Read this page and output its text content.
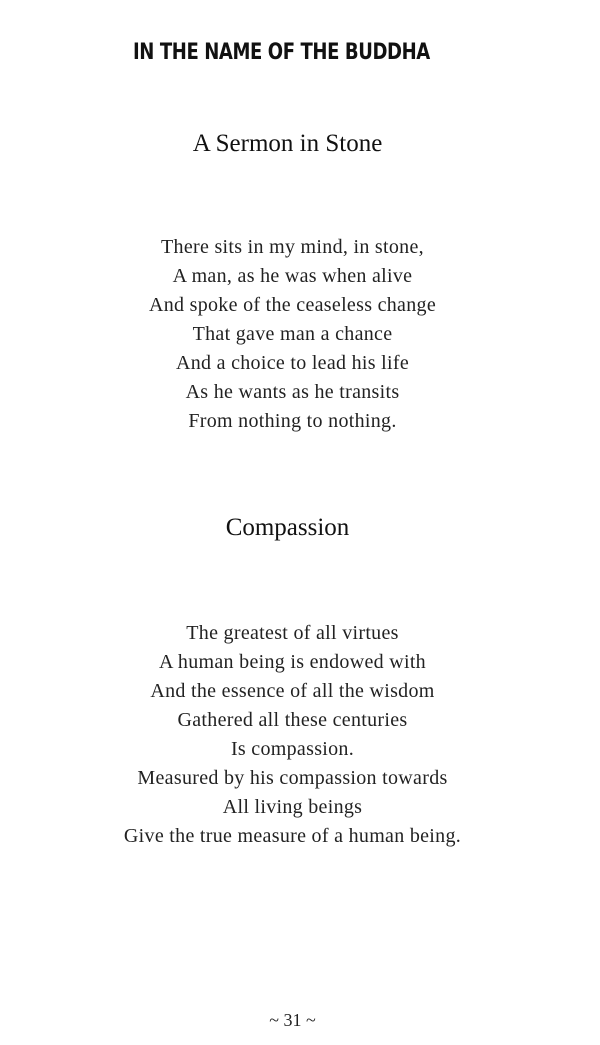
IN THE NAME OF THE BUDDHA
A Sermon in Stone
There sits in my mind, in stone,
A man, as he was when alive
And spoke of the ceaseless change
That gave man a chance
And a choice to lead his life
As he wants as he transits
From nothing to nothing.
Compassion
The greatest of all virtues
A human being is endowed with
And the essence of all the wisdom
Gathered all these centuries
Is compassion.
Measured by his compassion towards
All living beings
Give the true measure of a human being.
~ 31 ~
